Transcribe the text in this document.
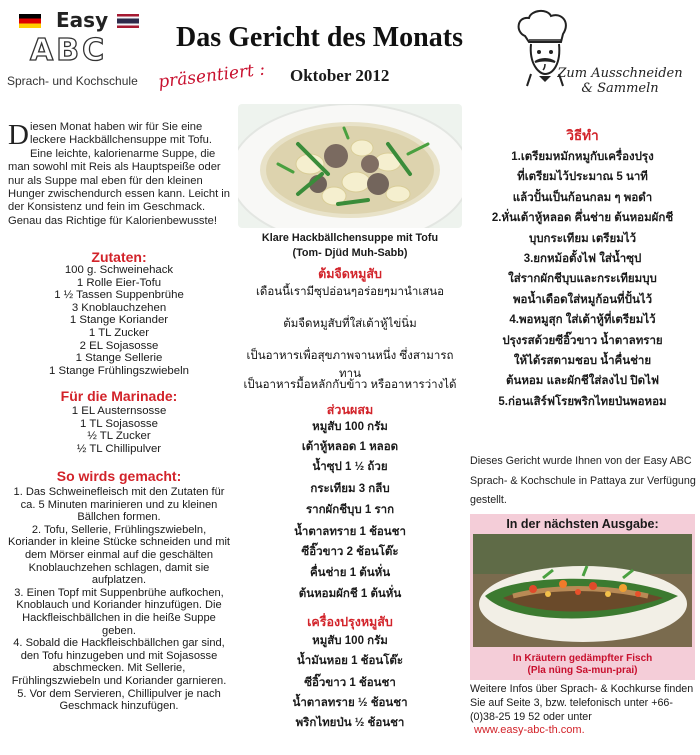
Easy
ABC
Sprach- und Kochschule präsentiert :
Das Gericht des Monats
Oktober 2012	Zum Ausschneiden
& Sammeln
Diesen Monat haben wir für Sie eine leckere Hackbällchensuppe mit Tofu. Eine leichte, kalorienarme Suppe, die man sowohl mit Reis als Hauptspeiße oder nur als Suppe mal eben für den kleinen Hunger zwischendurch essen kann. Leicht in der Konsistenz und fein im Geschmack. Genau das Richtige für Kalorienbewusste!
Zutaten:
100 g. Schweinehack
1 Rolle Eier-Tofu
1 ½ Tassen Suppenbrühe
3 Knoblauchzehen
1 Stange Koriander
1 TL Zucker
2 EL Sojasosse
1 Stange Sellerie
1 Stange Frühlingszwiebeln
Für die Marinade:
1 EL Austernsosse
1 TL Sojasosse
½ TL Zucker
½ TL Chillipulver
So wirds gemacht:
1. Das Schweinefleisch mit den Zutaten für ca. 5 Minuten marinieren und zu kleinen Bällchen formen.
2. Tofu, Sellerie, Frühlingszwiebeln, Koriander in kleine Stücke schneiden und mit dem Mörser einmal auf die geschälten Knoblauchzehen schlagen, damit sie aufplatzen.
3. Einen Topf mit Suppenbrühe aufkochen, Knoblauch und Koriander hinzufügen. Die Hackfleischbällchen in die heiße Suppe geben.
4. Sobald die Hackfleischbällchen gar sind, den Tofu hinzugeben und mit Sojasosse abschmecken. Mit Sellerie, Frühlingszwiebeln und Koriander garnieren.
5. Vor dem Servieren, Chillipulver je nach Geschmack hinzufügen.
Klare Hackbällchensuppe mit Tofu
(Tom- Djüd Muh-Sabb)
ต้มจืดหมูสับ
เดือนนี้เรามีซุปอ่อนๆอร่อยๆมานำเสนอ
ต้มจืดหมูสับที่ใส่เต้าหู้ไข่นิ่ม
เป็นอาหารเพื่อสุขภาพจานหนึ่ง ซึ่งสามารถทาน
เป็นอาหารมื้อหลักกับข้าว หรืออาหารว่างได้
ส่วนผสม
หมูสับ 100 กรัม
เต้าหู้หลอด 1 หลอด
น้ำซุป 1 ½ ถ้วย
กระเทียม 3 กลีบ
รากผักชีบุบ 1 ราก
น้ำตาลทราย 1 ช้อนชา
ซีอิ๊วขาว 2 ช้อนโต๊ะ
คื่นช่าย 1 ต้นหั่น
ต้นหอมผักชี 1 ต้นหั่น
เครื่องปรุงหมูสับ
หมูสับ 100 กรัม
น้ำมันหอย 1 ช้อนโต๊ะ
ซีอิ๊วขาว 1 ช้อนชา
น้ำตาลทราย ½ ช้อนชา
พริกไทยป่น ½ ช้อนชา
วิธีทำ
1.เตรียมหมักหมูกับเครื่องปรุง
ที่เตรียมไว้ประมาณ 5 นาที
แล้วปั้นเป็นก้อนกลม ๆ พอดำ
2.หั่นเต้าหู้หลอด คึ่นช่าย ต้นหอมผักชี
บุบกระเทียม เตรียมไว้
3.ยกหม้อตั้งไฟ ใส่น้ำซุป
ใส่รากผักชีบุบและกระเทียมบุบ
พอน้ำเดือดใส่หมูก้อนที่ปั้นไว้
4.พอหมูสุก ใส่เต้าหู้ที่เตรียมไว้
ปรุงรสด้วยซีอิ๊วขาว น้ำตาลทราย
ให้ได้รสตามชอบ น้ำคื่นช่าย
ต้นหอม และผักชีใส่ลงไป ปิดไฟ
5.ก่อนเสิร์ฟโรยพริกไทยป่นพอหอม
Dieses Gericht wurde Ihnen von der Easy ABC Sprach- & Kochschule in Pattaya zur Verfügung gestellt.
In der nächsten Ausgabe:
In Kräutern gedämpfter Fisch
(Pla nüng Sa-mun-prai)
Weitere Infos über Sprach- & Kochkurse finden Sie auf Seite 3, bzw. telefonisch unter +66-(0)38-25 19 52 oder unter
www.easy-abc-th.com.
